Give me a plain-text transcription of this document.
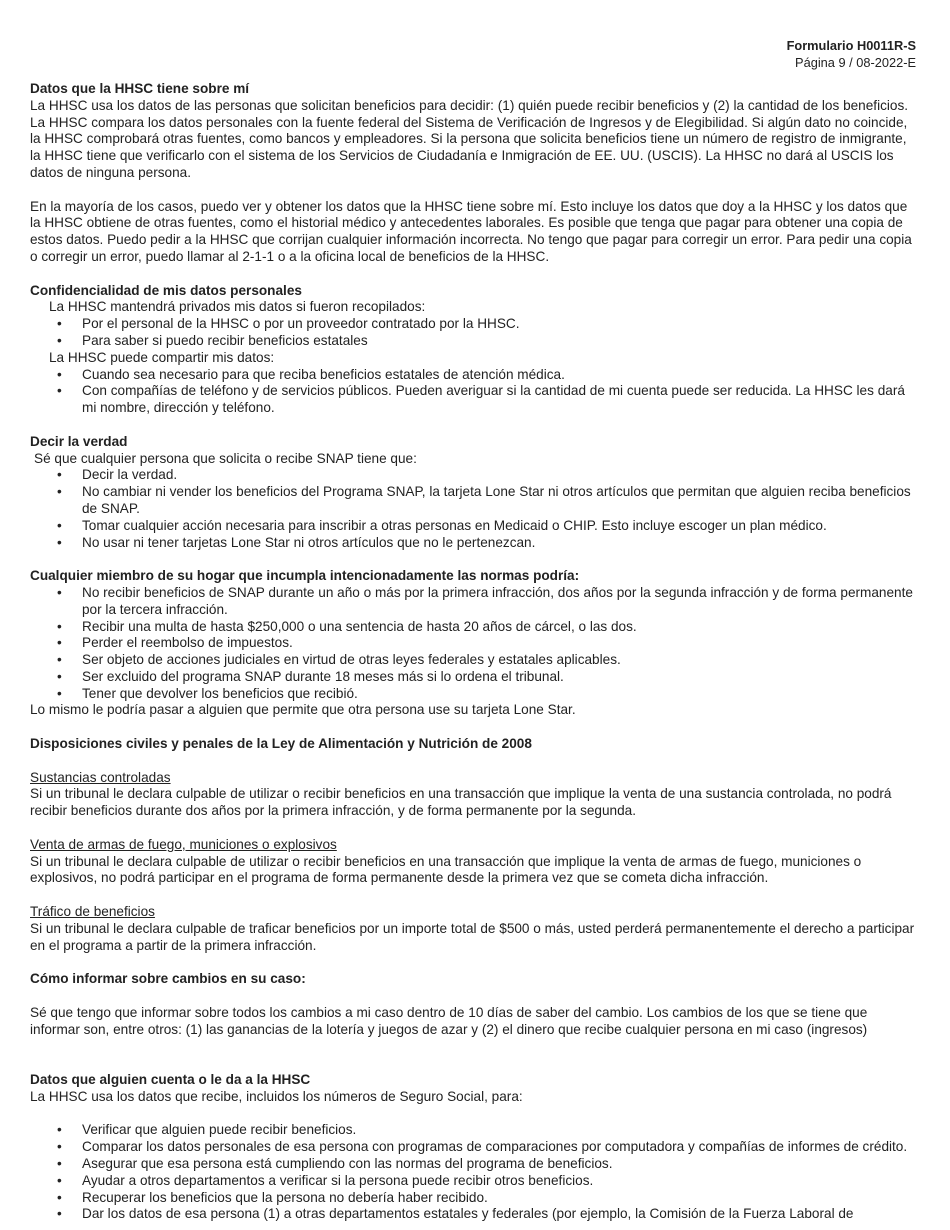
Formulario H0011R-S
Página 9 / 08-2022-E
Datos que la HHSC tiene sobre mí

La HHSC usa los datos de las personas que solicitan beneficios para decidir: (1) quién puede recibir beneficios y (2) la cantidad de los beneficios. La HHSC compara los datos personales con la fuente federal del Sistema de Verificación de Ingresos y de Elegibilidad. Si algún dato no coincide, la HHSC comprobará otras fuentes, como bancos y empleadores. Si la persona que solicita beneficios tiene un número de registro de inmigrante, la HHSC tiene que verificarlo con el sistema de los Servicios de Ciudadanía e Inmigración de EE. UU. (USCIS). La HHSC no dará al USCIS los datos de ninguna persona.

En la mayoría de los casos, puedo ver y obtener los datos que la HHSC tiene sobre mí. Esto incluye los datos que doy a la HHSC y los datos que la HHSC obtiene de otras fuentes, como el historial médico y antecedentes laborales. Es posible que tenga que pagar para obtener una copia de estos datos. Puedo pedir a la HHSC que corrijan cualquier información incorrecta. No tengo que pagar para corregir un error. Para pedir una copia o corregir un error, puedo llamar al 2-1-1 o a la oficina local de beneficios de la HHSC.

Confidencialidad de mis datos personales

La HHSC mantendrá privados mis datos si fueron recopilados:

• Por el personal de la HHSC o por un proveedor contratado por la HHSC.
• Para saber si puedo recibir beneficios estatales

La HHSC puede compartir mis datos:

• Cuando sea necesario para que reciba beneficios estatales de atención médica.
• Con compañías de teléfono y de servicios públicos. Pueden averiguar si la cantidad de mi cuenta puede ser reducida. La HHSC les dará mi nombre, dirección y teléfono.
Decir la verdad

Sé que cualquier persona que solicita o recibe SNAP tiene que:

• Decir la verdad.
• No cambiar ni vender los beneficios del Programa SNAP, la tarjeta Lone Star ni otros artículos que permitan que alguien reciba beneficios de SNAP.
• Tomar cualquier acción necesaria para inscribir a otras personas en Medicaid o CHIP. Esto incluye escoger un plan médico.
• No usar ni tener tarjetas Lone Star ni otros artículos que no le pertenezcan.
Cualquier miembro de su hogar que incumpla intencionadamente las normas podría:
• No recibir beneficios de SNAP durante un año o más por la primera infracción, dos años por la segunda infracción y de forma permanente por la tercera infracción.
• Recibir una multa de hasta $250,000 o una sentencia de hasta 20 años de cárcel, o las dos.
• Perder el reembolso de impuestos.
• Ser objeto de acciones judiciales en virtud de otras leyes federales y estatales aplicables.
• Ser excluido del programa SNAP durante 18 meses más si lo ordena el tribunal.
• Tener que devolver los beneficios que recibió.

Lo mismo le podría pasar a alguien que permite que otra persona use su tarjeta Lone Star.

Disposiciones civiles y penales de la Ley de Alimentación y Nutrición de 2008

Sustancias controladas

Si un tribunal le declara culpable de utilizar o recibir beneficios en una transacción que implique la venta de una sustancia controlada, no podrá recibir beneficios durante dos años por la primera infracción, y de forma permanente por la segunda.

Venta de armas de fuego, municiones o explosivos

Si un tribunal le declara culpable de utilizar o recibir beneficios en una transacción que implique la venta de armas de fuego, municiones o explosivos, no podrá participar en el programa de forma permanente desde la primera vez que se cometa dicha infracción.

Tráfico de beneficios

Si un tribunal le declara culpable de traficar beneficios por un importe total de $500 o más, usted perderá permanentemente el derecho a participar en el programa a partir de la primera infracción.

Cómo informar sobre cambios en su caso:

Sé que tengo que informar sobre todos los cambios a mi caso dentro de 10 días de saber del cambio. Los cambios de los que se tiene que informar son, entre otros: (1) las ganancias de la lotería y juegos de azar y (2) el dinero que recibe cualquier persona en mi caso (ingresos)

Datos que alguien cuenta o le da a la HHSC

La HHSC usa los datos que recibe, incluidos los números de Seguro Social, para:

• Verificar que alguien puede recibir beneficios.
• Comparar los datos personales de esa persona con programas de comparaciones por computadora y compañías de informes de crédito.
• Asegurar que esa persona está cumpliendo con las normas del programa de beneficios.
• Ayudar a otros departamentos a verificar si la persona puede recibir otros beneficios.
• Recuperar los beneficios que la persona no debería haber recibido.
• Dar los datos de esa persona (1) a otras departamentos estatales y federales (por ejemplo, la Comisión de la Fuerza Laboral de
